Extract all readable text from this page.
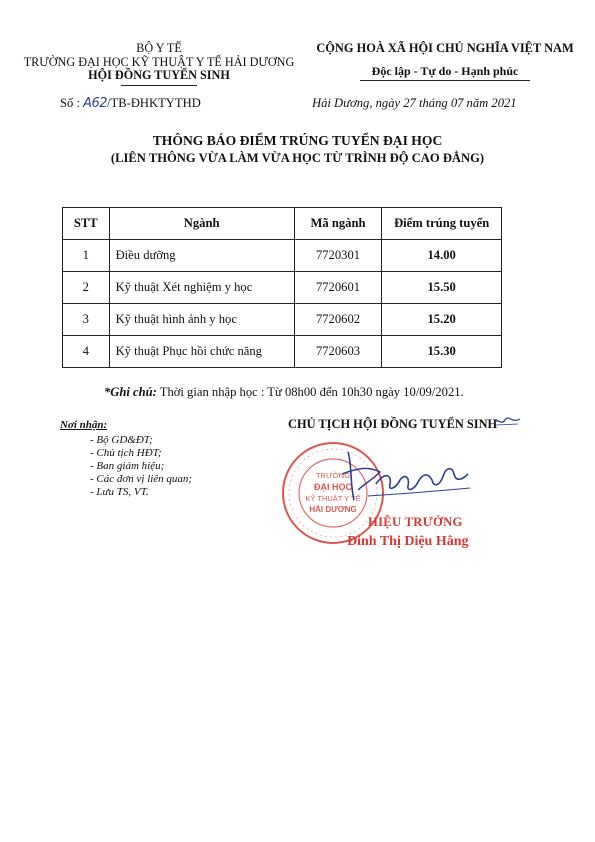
BỘ Y TẾ
TRƯỜNG ĐẠI HỌC KỸ THUẬT Y TẾ HẢI DƯƠNG
HỘI ĐỒNG TUYỂN SINH
CỘNG HOÀ XÃ HỘI CHỦ NGHĨA VIỆT NAM
Độc lập - Tự do - Hạnh phúc
Số : A62/TB-ĐHKTYTHD	Hải Dương, ngày 27 tháng 07 năm 2021
THÔNG BÁO ĐIỂM TRÚNG TUYỂN ĐẠI HỌC
(LIÊN THÔNG VỪA LÀM VỪA HỌC TỪ TRÌNH ĐỘ CAO ĐẲNG)
STT	Ngành	Mã ngành	Điểm trúng tuyển
1	Điều dưỡng	7720301	14.00
2	Kỹ thuật Xét nghiệm y học	7720601	15.50
3	Kỹ thuật hình ảnh y học	7720602	15.20
4	Kỹ thuật Phục hồi chức năng	7720603	15.30
*Ghi chú: Thời gian nhập học : Từ 08h00 đến 10h30 ngày 10/09/2021.
Nơi nhận:
- Bộ GD&ĐT;
- Chủ tịch HĐT;
- Ban giám hiệu;
- Các đơn vị liên quan;
- Lưu TS, VT.
CHỦ TỊCH HỘI ĐỒNG TUYỂN SINH
TRƯỜNG
ĐẠI HỌC
KỸ THUẬT Y TẾ
HẢI DƯƠNG
HIỆU TRƯỞNG
Đinh Thị Diệu Hằng
